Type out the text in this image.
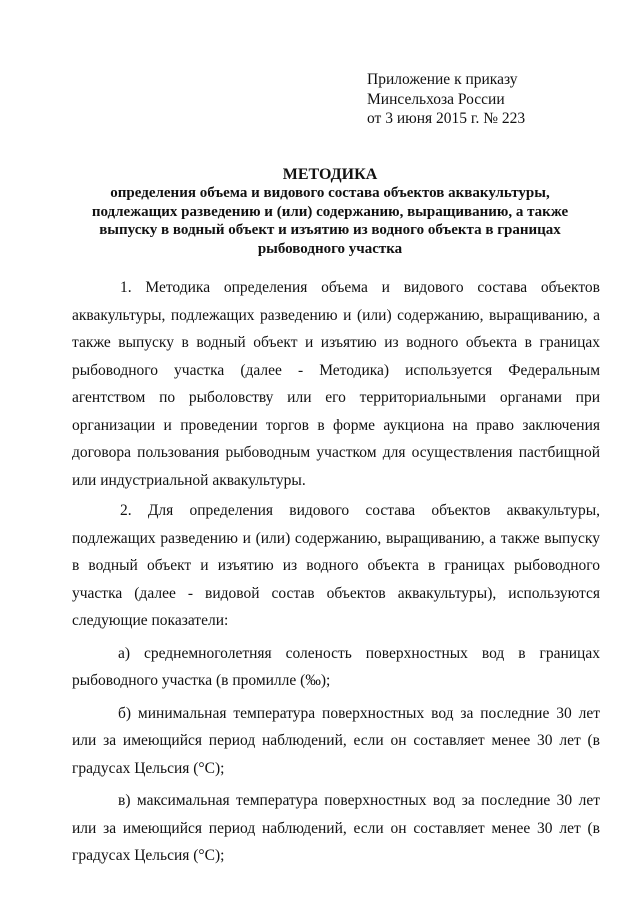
Приложение к приказу
Минсельхоза России
от 3 июня 2015 г. № 223
МЕТОДИКА
определения объема и видового состава объектов аквакультуры, подлежащих разведению и (или) содержанию, выращиванию, а также выпуску в водный объект и изъятию из водного объекта в границах рыбоводного участка

1. Методика определения объема и видового состава объектов аквакультуры, подлежащих разведению и (или) содержанию, выращиванию, а также выпуску в водный объект и изъятию из водного объекта в границах рыбоводного участка (далее - Методика) используется Федеральным агентством по рыболовству или его территориальными органами при организации и проведении торгов в форме аукциона на право заключения договора пользования рыбоводным участком для осуществления пастбищной или индустриальной аквакультуры.

2. Для определения видового состава объектов аквакультуры, подлежащих разведению и (или) содержанию, выращиванию, а также выпуску в водный объект и изъятию из водного объекта в границах рыбоводного участка (далее - видовой состав объектов аквакультуры), используются следующие показатели:

а) среднемноголетняя соленость поверхностных вод в границах рыбоводного участка (в промилле (‰);

б) минимальная температура поверхностных вод за последние 30 лет или за имеющийся период наблюдений, если он составляет менее 30 лет (в градусах Цельсия (°C);

в) максимальная температура поверхностных вод за последние 30 лет или за имеющийся период наблюдений, если он составляет менее 30 лет (в градусах Цельсия (°C);
